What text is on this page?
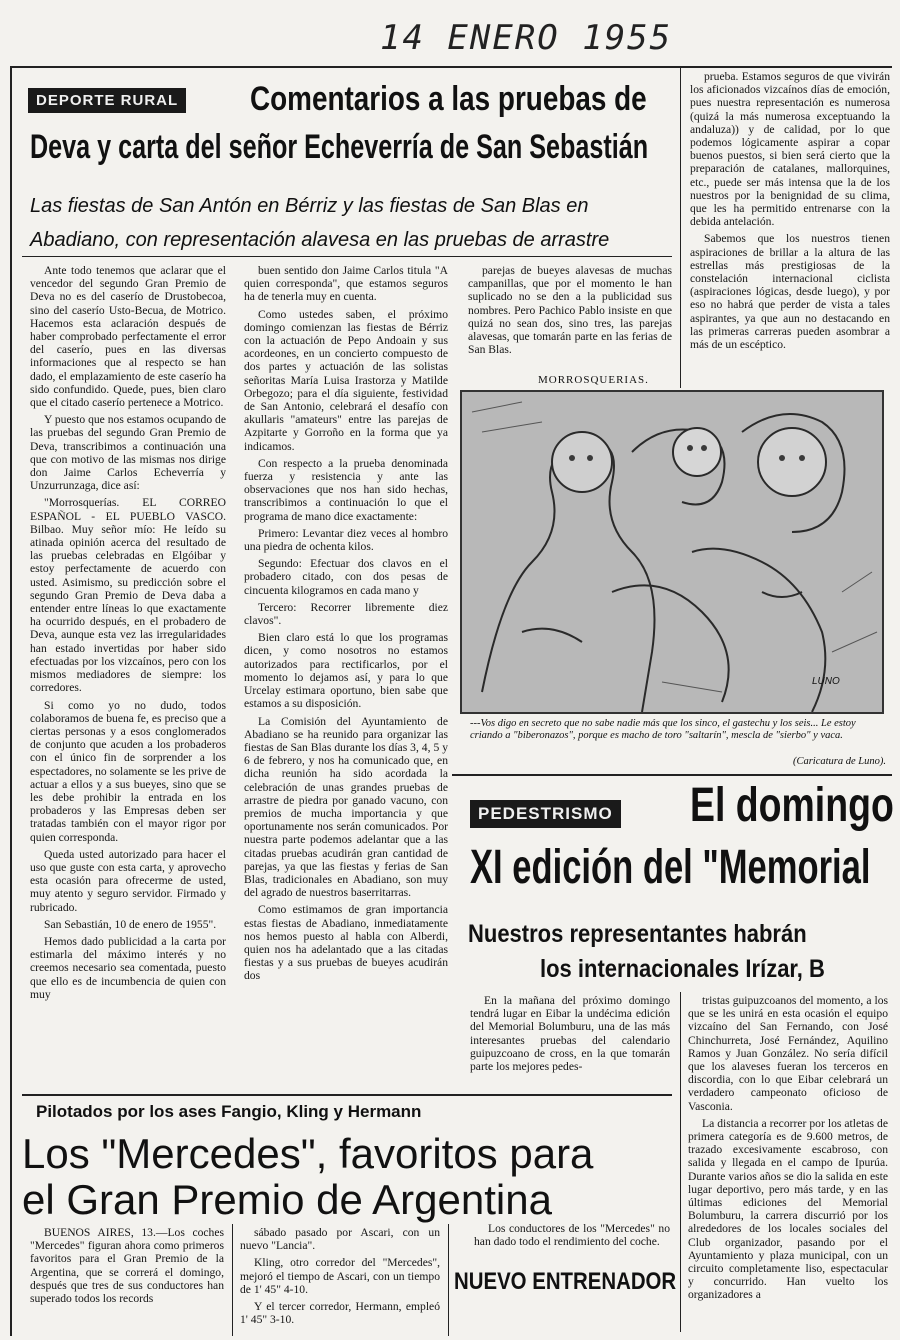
14 ENERO 1955
DEPORTE RURAL Comentarios a las pruebas de
Deva y carta del señor Echeverría de San Sebastián
Las fiestas de San Antón en Bérriz y las fiestas de San Blas en
Abadiano, con representación alavesa en las pruebas de arrastre

Ante todo tenemos que aclarar que el vencedor del segundo Gran Premio de Deva no es del caserío de Drustobecoa, sino del caserío Usto-Becua, de Motrico. Hacemos esta aclaración después de haber comprobado perfectamente el error del caserío, pues en las diversas informaciones que al respecto se han dado, el emplazamiento de este caserío ha sido confundido. Quede, pues, bien claro que el citado caserío pertenece a Motrico.

Y puesto que nos estamos ocupando de las pruebas del segundo Gran Premio de Deva, transcribimos a continuación una que con motivo de las mismas nos dirige don Jaime Carlos Echeverría y Unzurrunzaga, dice así:

"Morrosquerías. EL CORREO ESPAÑOL - EL PUEBLO VASCO. Bilbao. Muy señor mío: He leído su atinada opinión acerca del resultado de las pruebas celebradas en Elgóibar y estoy perfectamente de acuerdo con usted. Asimismo, su predicción sobre el segundo Gran Premio de Deva daba a entender entre líneas lo que exactamente ha ocurrido después, en el probadero de Deva, aunque esta vez las irregularidades han estado invertidas por haber sido efectuadas por los vizcaínos, pero con los mismos mediadores de siempre: los corredores.

Si como yo no dudo, todos colaboramos de buena fe, es preciso que a ciertas personas y a esos conglomerados de conjunto que acuden a los probaderos con el único fin de sorprender a los espectadores, no solamente se les prive de actuar a ellos y a sus bueyes, sino que se les debe prohibir la entrada en los probaderos y las Empresas deben ser tratadas también con el mayor rigor por quien corresponda.

Queda usted autorizado para hacer el uso que guste con esta carta, y aprovecho esta ocasión para ofrecerme de usted, muy atento y seguro servidor. Firmado y rubricado.

San Sebastián, 10 de enero de 1955".

Hemos dado publicidad a la carta por estimarla del máximo interés y no creemos necesario sea comentada, puesto que ello es de incumbencia de quien con muy

buen sentido don Jaime Carlos titula "A quien corresponda", que estamos seguros ha de tenerla muy en cuenta.

Como ustedes saben, el próximo domingo comienzan las fiestas de Bérriz con la actuación de Pepo Andoain y sus acordeones, en un concierto compuesto de dos partes y actuación de las solistas señoritas María Luisa Irastorza y Matilde Orbegozo; para el día siguiente, festividad de San Antonio, celebrará el desafío con akullaris "amateurs" entre las parejas de Azpitarte y Gorroño en la forma que ya indicamos.

Con respecto a la prueba denominada fuerza y resistencia y ante las observaciones que nos han sido hechas, transcribimos a continuación lo que el programa de mano dice exactamente:

Primero: Levantar diez veces al hombro una piedra de ochenta kilos.

Segundo: Efectuar dos clavos en el probadero citado, con dos pesas de cincuenta kilogramos en cada mano y

Tercero: Recorrer libremente diez clavos".

Bien claro está lo que los programas dicen, y como nosotros no estamos autorizados para rectificarlos, por el momento lo dejamos así, y para lo que Urcelay estimara oportuno, bien sabe que estamos a su disposición.

La Comisión del Ayuntamiento de Abadiano se ha reunido para organizar las fiestas de San Blas durante los días 3, 4, 5 y 6 de febrero, y nos ha comunicado que, en dicha reunión ha sido acordada la celebración de unas grandes pruebas de arrastre de piedra por ganado vacuno, con premios de mucha importancia y que oportunamente nos serán comunicados. Por nuestra parte podemos adelantar que a las citadas pruebas acudirán gran cantidad de parejas, ya que las fiestas y ferias de San Blas, tradicionales en Abadiano, son muy del agrado de nuestros baserritarras.

Como estimamos de gran importancia estas fiestas de Abadiano, inmediatamente nos hemos puesto al habla con Alberdi, quien nos ha adelantado que a las citadas fiestas y a sus pruebas de bueyes acudirán dos

parejas de bueyes alavesas de muchas campanillas, que por el momento le han suplicado no se den a la publicidad sus nombres. Pero Pachico Pablo insiste en que quizá no sean dos, sino tres, las parejas alavesas, que tomarán parte en las ferias de San Blas.

MORROSQUERIAS.

prueba. Estamos seguros de que vivirán los aficionados vizcaínos días de emoción, pues nuestra representación es numerosa (quizá la más numerosa exceptuando la andaluza)) y de calidad, por lo que podemos lógicamente aspirar a copar buenos puestos, si bien será cierto que la preparación de catalanes, mallorquines, etc., puede ser más intensa que la de los nuestros por la benignidad de su clima, que les ha permitido entrenarse con la debida antelación.

Sabemos que los nuestros tienen aspiraciones de brillar a la altura de las estrellas más prestigiosas de la constelación internacional ciclista (aspiraciones lógicas, desde luego), y por eso no habrá que perder de vista a tales aspirantes, ya que aun no destacando en las primeras carreras pueden asombrar a más de un escéptico.

LUNO
---Vos digo en secreto que no sabe nadie más que los sinco, el gastechu y los seis... Le estoy criando a "biberonazos", porque es macho de toro "saltarín", mescla de "sierbo" y vaca.
(Caricatura de Luno).
PEDESTRISMO El domingo
XI edición del "Memorial
Nuestros representantes habrán
los internacionales Irízar, B

En la mañana del próximo domingo tendrá lugar en Eibar la undécima edición del Memorial Bolumburu, una de las más interesantes pruebas del calendario guipuzcoano de cross, en la que tomarán parte los mejores pedes-

tristas guipuzcoanos del momento, a los que se les unirá en esta ocasión el equipo vizcaíno del San Fernando, con José Chinchurreta, José Fernández, Aquilino Ramos y Juan González. No sería difícil que los alaveses fueran los terceros en discordia, con lo que Eibar celebrará un verdadero campeonato oficioso de Vasconia.

La distancia a recorrer por los atletas de primera categoría es de 9.600 metros, de trazado excesivamente escabroso, con salida y llegada en el campo de Ipurúa. Durante varios años se dio la salida en este lugar deportivo, pero más tarde, y en las últimas ediciones del Memorial Bolumburu, la carrera discurrió por los alrededores de los locales sociales del Club organizador, pasando por el Ayuntamiento y plaza municipal, con un circuito completamente liso, espectacular y concurrido. Han vuelto los organizadores a

Pilotados por los ases Fangio, Kling y Hermann
Los "Mercedes", favoritos para
el Gran Premio de Argentina

BUENOS AIRES, 13.—Los coches "Mercedes" figuran ahora como primeros favoritos para el Gran Premio de la Argentina, que se correrá el domingo, después que tres de sus conductores han superado todos los records

sábado pasado por Ascari, con un nuevo "Lancia".

Kling, otro corredor del "Mercedes", mejoró el tiempo de Ascari, con un tiempo de 1' 45" 4-10.

Y el tercer corredor, Hermann, empleó 1' 45" 3-10.

Los conductores de los "Mercedes" no han dado todo el rendimiento del coche.

NUEVO ENTRENADOR
